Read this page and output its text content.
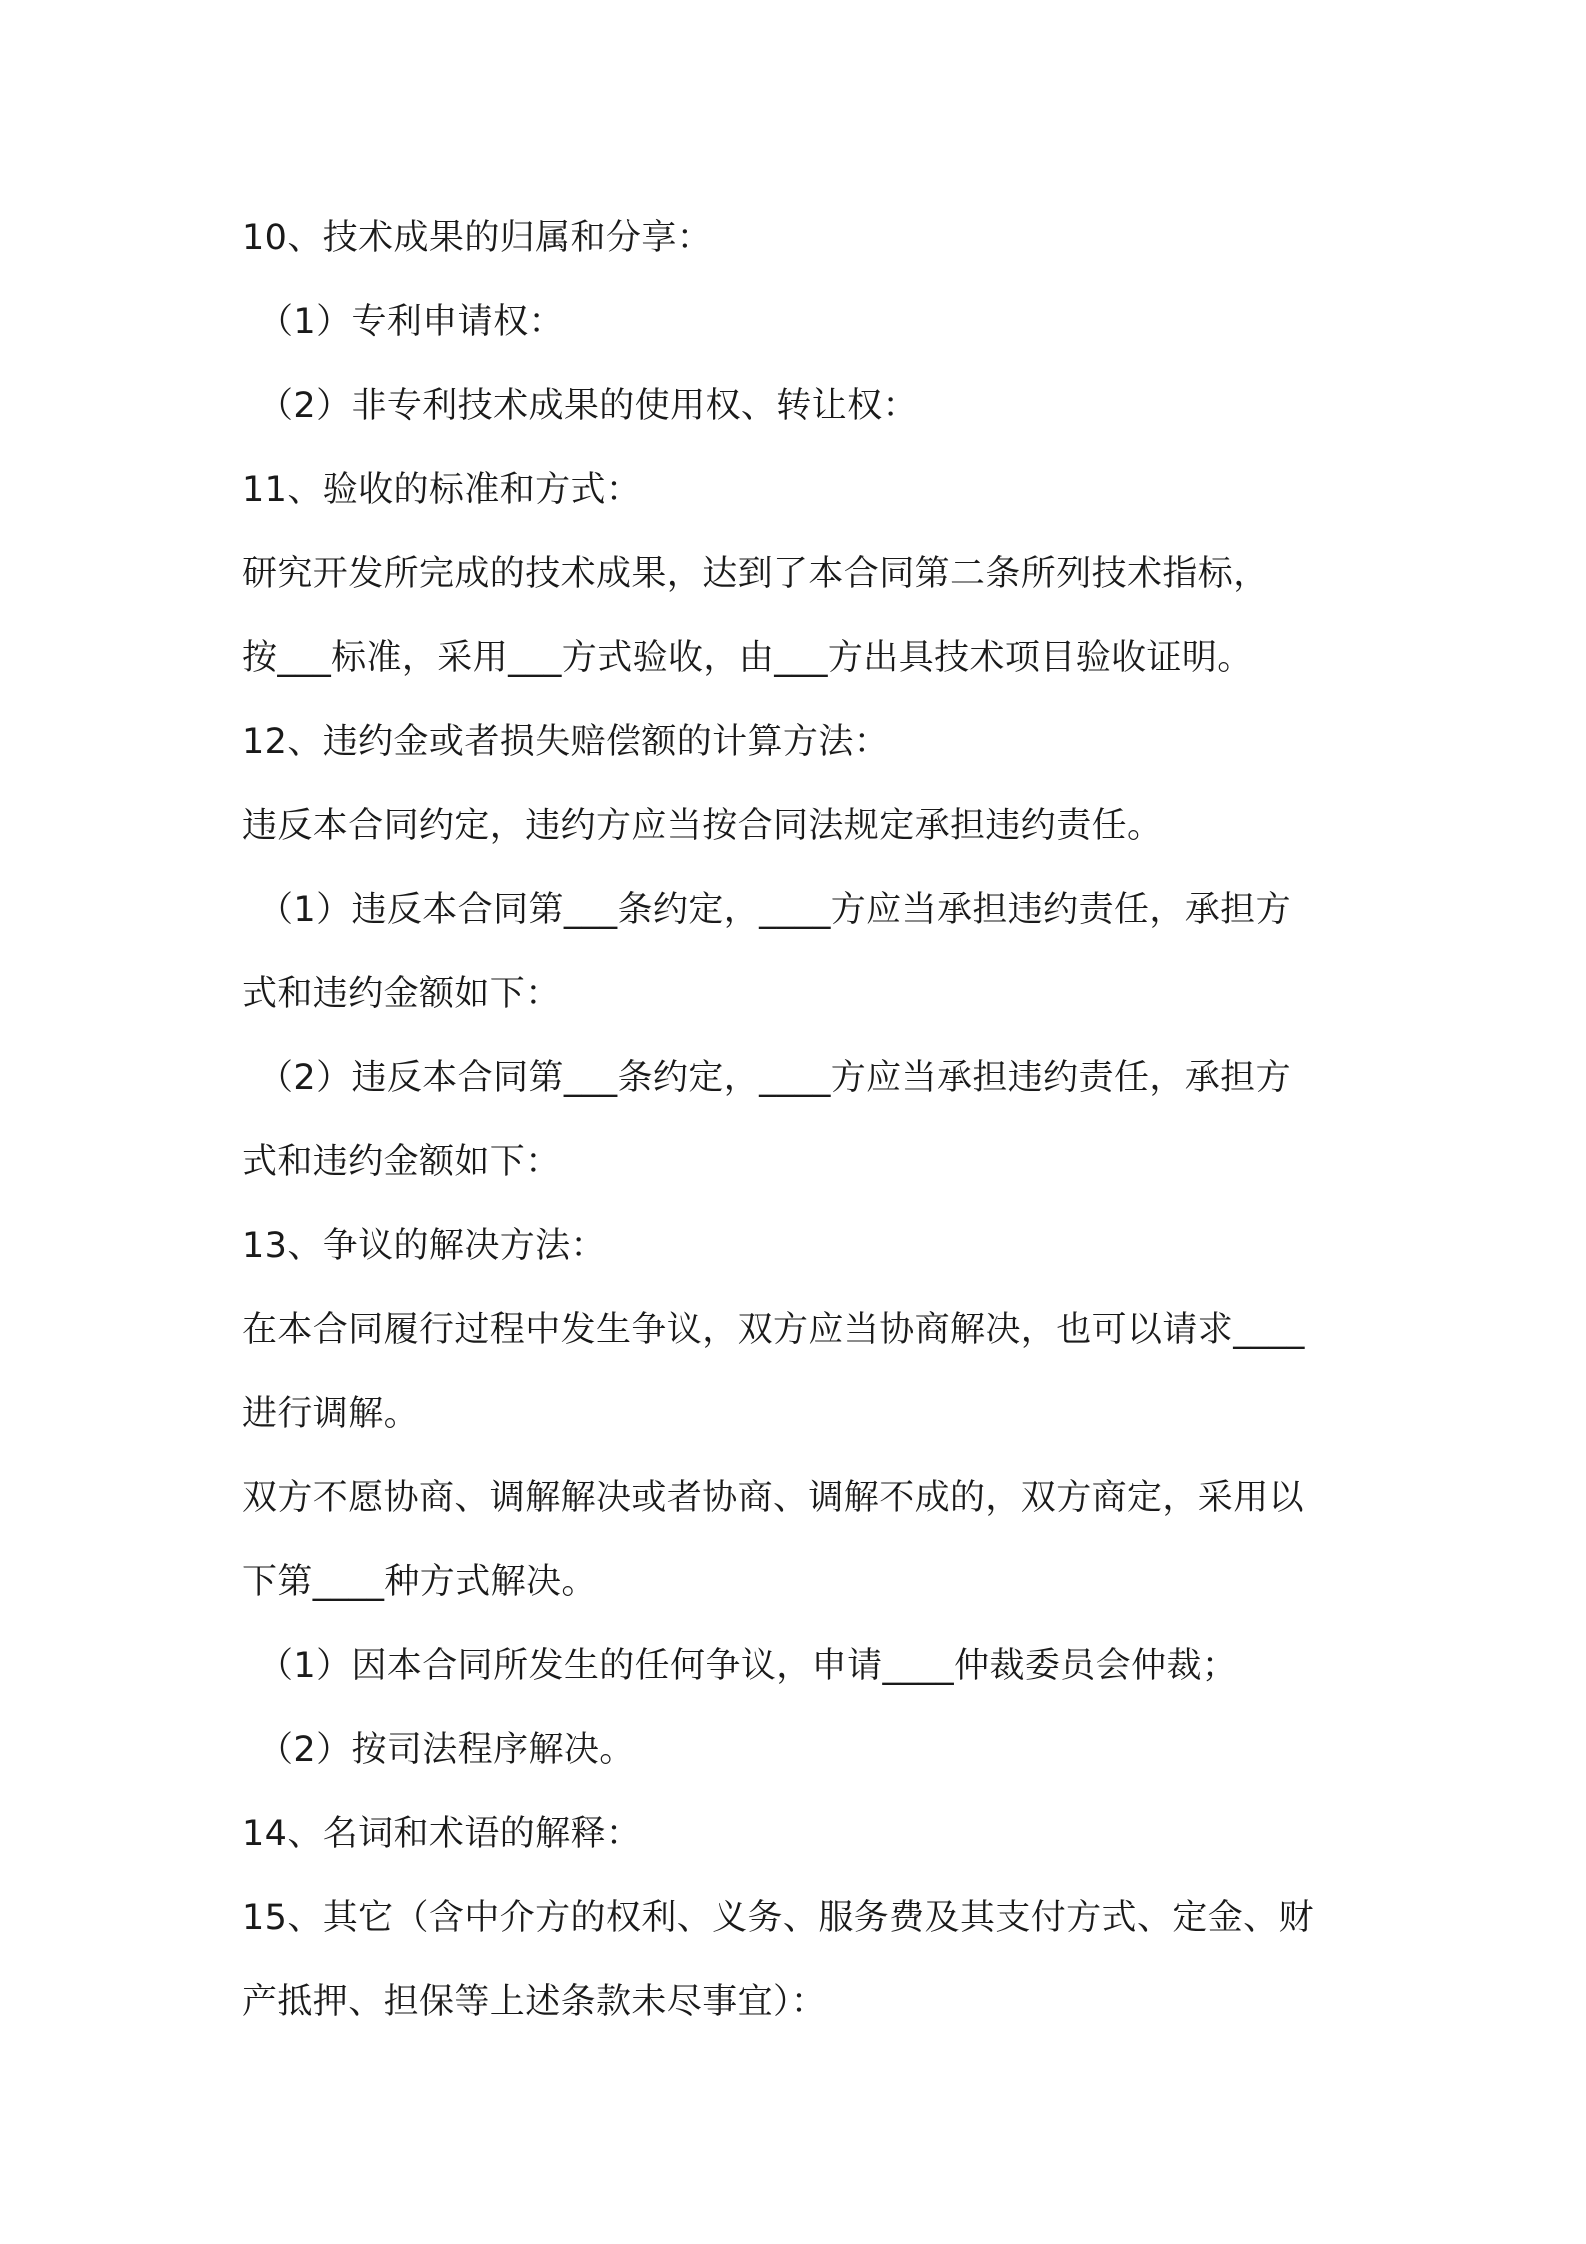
10、技术成果的归属和分享：
（1）专利申请权：
（2）非专利技术成果的使用权、转让权：
11、验收的标准和方式：
研究开发所完成的技术成果，达到了本合同第二条所列技术指标，
按___标准，采用___方式验收，由___方出具技术项目验收证明。
12、违约金或者损失赔偿额的计算方法：
违反本合同约定，违约方应当按合同法规定承担违约责任。
（1）违反本合同第___条约定，____方应当承担违约责任，承担方
式和违约金额如下：
（2）违反本合同第___条约定，____方应当承担违约责任，承担方
式和违约金额如下：
13、争议的解决方法：
在本合同履行过程中发生争议，双方应当协商解决，也可以请求____
进行调解。
双方不愿协商、调解解决或者协商、调解不成的，双方商定，采用以
下第____种方式解决。
（1）因本合同所发生的任何争议，申请____仲裁委员会仲裁；
（2）按司法程序解决。
14、名词和术语的解释：
15、其它（含中介方的权利、义务、服务费及其支付方式、定金、财
产抵押、担保等上述条款未尽事宜）：
